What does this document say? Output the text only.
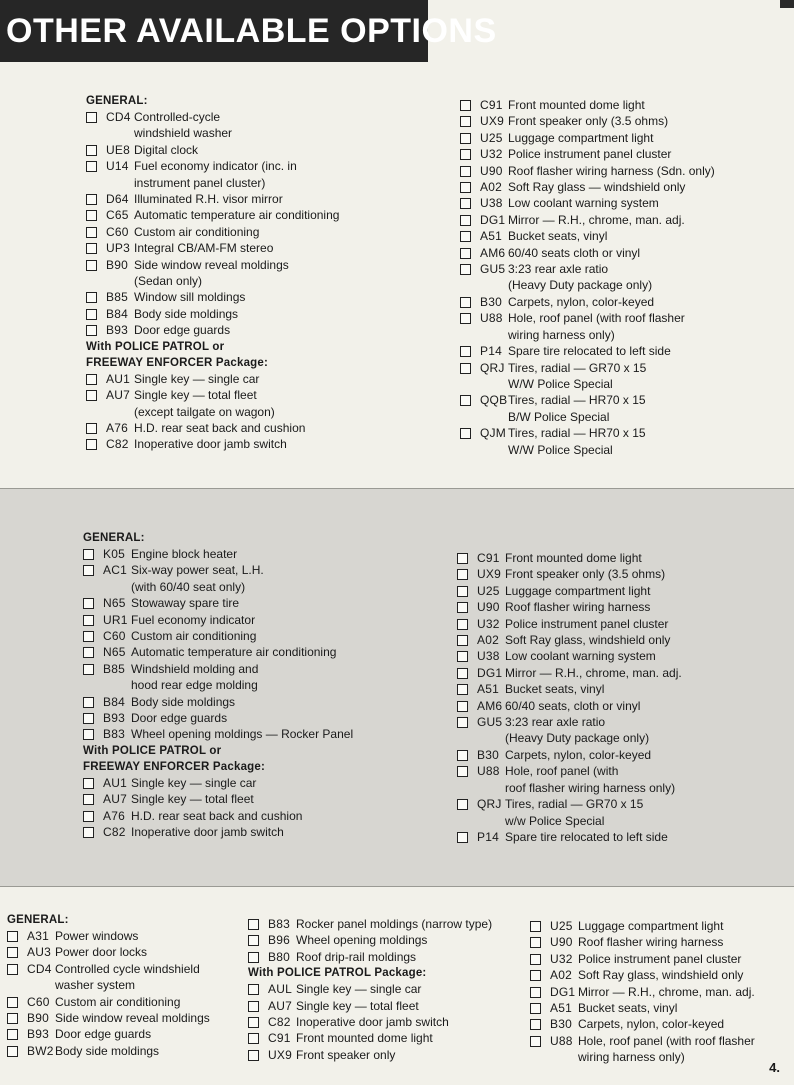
OTHER AVAILABLE OPTIONS
GENERAL:
CD4 Controlled-cycle
windshield washer
UE8 Digital clock
U14 Fuel economy indicator (inc. in
instrument panel cluster)
D64 Illuminated R.H. visor mirror
C65 Automatic temperature air conditioning
C60 Custom air conditioning
UP3 Integral CB/AM-FM stereo
B90 Side window reveal moldings
(Sedan only)
B85 Window sill moldings
B84 Body side moldings
B93 Door edge guards
With POLICE PATROL or
FREEWAY ENFORCER Package:
AU1 Single key — single car
AU7 Single key — total fleet
(except tailgate on wagon)
A76 H.D. rear seat back and cushion
C82 Inoperative door jamb switch
C91 Front mounted dome light
UX9 Front speaker only (3.5 ohms)
U25 Luggage compartment light
U32 Police instrument panel cluster
U90 Roof flasher wiring harness (Sdn. only)
A02 Soft Ray glass — windshield only
U38 Low coolant warning system
DG1 Mirror — R.H., chrome, man. adj.
A51 Bucket seats, vinyl
AM6 60/40 seats cloth or vinyl
GU5 3:23 rear axle ratio
(Heavy Duty package only)
B30 Carpets, nylon, color-keyed
U88 Hole, roof panel (with roof flasher
wiring harness only)
P14 Spare tire relocated to left side
QRJ Tires, radial — GR70 x 15
W/W Police Special
QQB Tires, radial — HR70 x 15
B/W Police Special
QJM Tires, radial — HR70 x 15
W/W Police Special
GENERAL:
K05 Engine block heater
AC1 Six-way power seat, L.H.
(with 60/40 seat only)
N65 Stowaway spare tire
UR1 Fuel economy indicator
C60 Custom air conditioning
N65 Automatic temperature air conditioning
B85 Windshield molding and
hood rear edge molding
B84 Body side moldings
B93 Door edge guards
B83 Wheel opening moldings — Rocker Panel
With POLICE PATROL or
FREEWAY ENFORCER Package:
AU1 Single key — single car
AU7 Single key — total fleet
A76 H.D. rear seat back and cushion
C82 Inoperative door jamb switch
C91 Front mounted dome light
UX9 Front speaker only (3.5 ohms)
U25 Luggage compartment light
U90 Roof flasher wiring harness
U32 Police instrument panel cluster
A02 Soft Ray glass, windshield only
U38 Low coolant warning system
DG1 Mirror — R.H., chrome, man. adj.
A51 Bucket seats, vinyl
AM6 60/40 seats, cloth or vinyl
GU5 3:23 rear axle ratio
(Heavy Duty package only)
B30 Carpets, nylon, color-keyed
U88 Hole, roof panel (with
roof flasher wiring harness only)
QRJ Tires, radial — GR70 x 15
w/w Police Special
P14 Spare tire relocated to left side
GENERAL:
A31 Power windows
AU3 Power door locks
CD4 Controlled cycle windshield
washer system
C60 Custom air conditioning
B90 Side window reveal moldings
B93 Door edge guards
BW2 Body side moldings
B83 Rocker panel moldings (narrow type)
B96 Wheel opening moldings
B80 Roof drip-rail moldings
With POLICE PATROL Package:
AUL Single key — single car
AU7 Single key — total fleet
C82 Inoperative door jamb switch
C91 Front mounted dome light
UX9 Front speaker only
U25 Luggage compartment light
U90 Roof flasher wiring harness
U32 Police instrument panel cluster
A02 Soft Ray glass, windshield only
DG1 Mirror — R.H., chrome, man. adj.
A51 Bucket seats, vinyl
B30 Carpets, nylon, color-keyed
U88 Hole, roof panel (with roof flasher
wiring harness only)
4.
